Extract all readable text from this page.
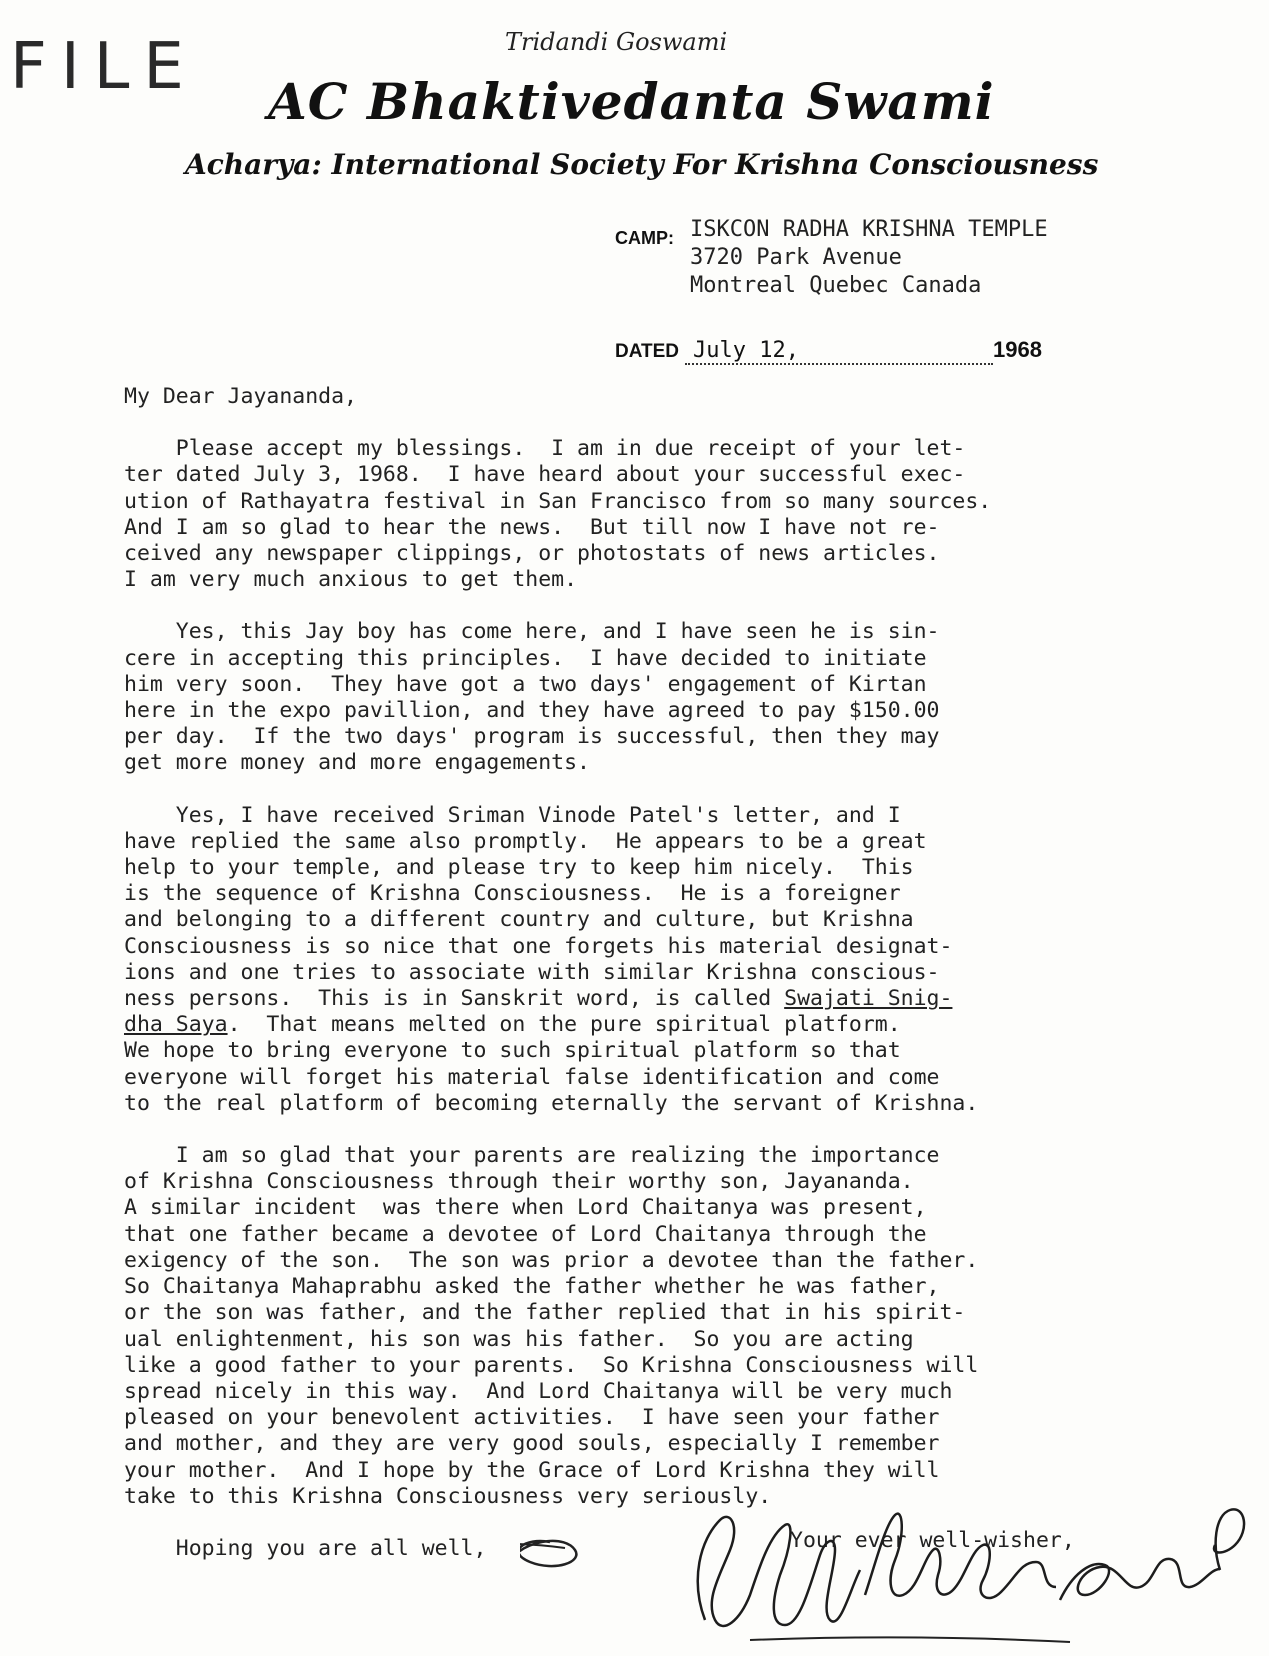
FILE	Tridandi Goswami
AC Bhaktivedanta Swami
Acharya: International Society For Krishna Consciousness
CAMP: ISKCON RADHA KRISHNA TEMPLE
3720 Park Avenue
Montreal Quebec Canada
DATED July 12,	1968
My Dear Jayananda,
Please accept my blessings.  I am in due receipt of your let-
ter dated July 3, 1968.  I have heard about your successful exec-
ution of Rathayatra festival in San Francisco from so many sources.
And I am so glad to hear the news.  But till now I have not re-
ceived any newspaper clippings, or photostats of news articles.
I am very much anxious to get them.
Yes, this Jay boy has come here, and I have seen he is sin-
cere in accepting this principles.  I have decided to initiate
him very soon.  They have got a two days' engagement of Kirtan
here in the expo pavillion, and they have agreed to pay $150.00
per day.  If the two days' program is successful, then they may
get more money and more engagements.
Yes, I have received Sriman Vinode Patel's letter, and I
have replied the same also promptly.  He appears to be a great
help to your temple, and please try to keep him nicely.  This
is the sequence of Krishna Consciousness.  He is a foreigner
and belonging to a different country and culture, but Krishna
Consciousness is so nice that one forgets his material designat-
ions and one tries to associate with similar Krishna conscious-
ness persons.  This is in Sanskrit word, is called Swajati Snig-
dha Saya.  That means melted on the pure spiritual platform.
We hope to bring everyone to such spiritual platform so that
everyone will forget his material false identification and come
to the real platform of becoming eternally the servant of Krishna.
I am so glad that your parents are realizing the importance
of Krishna Consciousness through their worthy son, Jayananda.
A similar incident  was there when Lord Chaitanya was present,
that one father became a devotee of Lord Chaitanya through the
exigency of the son.  The son was prior a devotee than the father.
So Chaitanya Mahaprabhu asked the father whether he was father,
or the son was father, and the father replied that in his spirit-
ual enlightenment, his son was his father.  So you are acting
like a good father to your parents.  So Krishna Consciousness will
spread nicely in this way.  And Lord Chaitanya will be very much
pleased on your benevolent activities.  I have seen your father
and mother, and they are very good souls, especially I remember
your mother.  And I hope by the Grace of Lord Krishna they will
take to this Krishna Consciousness very seriously.
Hoping you are all well,	Your ever well-wisher,
